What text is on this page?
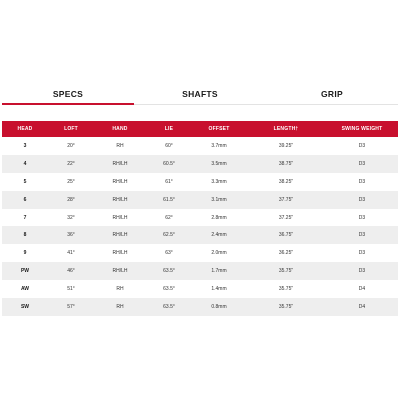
SPECS	SHAFTS	GRIP
HEAD	LOFT	HAND	LIE	OFFSET	LENGTH†	SWING WEIGHT
3	20°	RH	60°	3.7mm	39.25"	D3
4	22°	RH/LH	60.5°	3.5mm	38.75"	D3
5	25°	RH/LH	61°	3.3mm	38.25"	D3
6	28°	RH/LH	61.5°	3.1mm	37.75"	D3
7	32°	RH/LH	62°	2.8mm	37.25"	D3
8	36°	RH/LH	62.5°	2.4mm	36.75"	D3
9	41°	RH/LH	63°	2.0mm	36.25"	D3
PW	46°	RH/LH	63.5°	1.7mm	35.75"	D3
AW	51°	RH	63.5°	1.4mm	35.75"	D4
SW	57°	RH	63.5°	0.8mm	35.75"	D4
